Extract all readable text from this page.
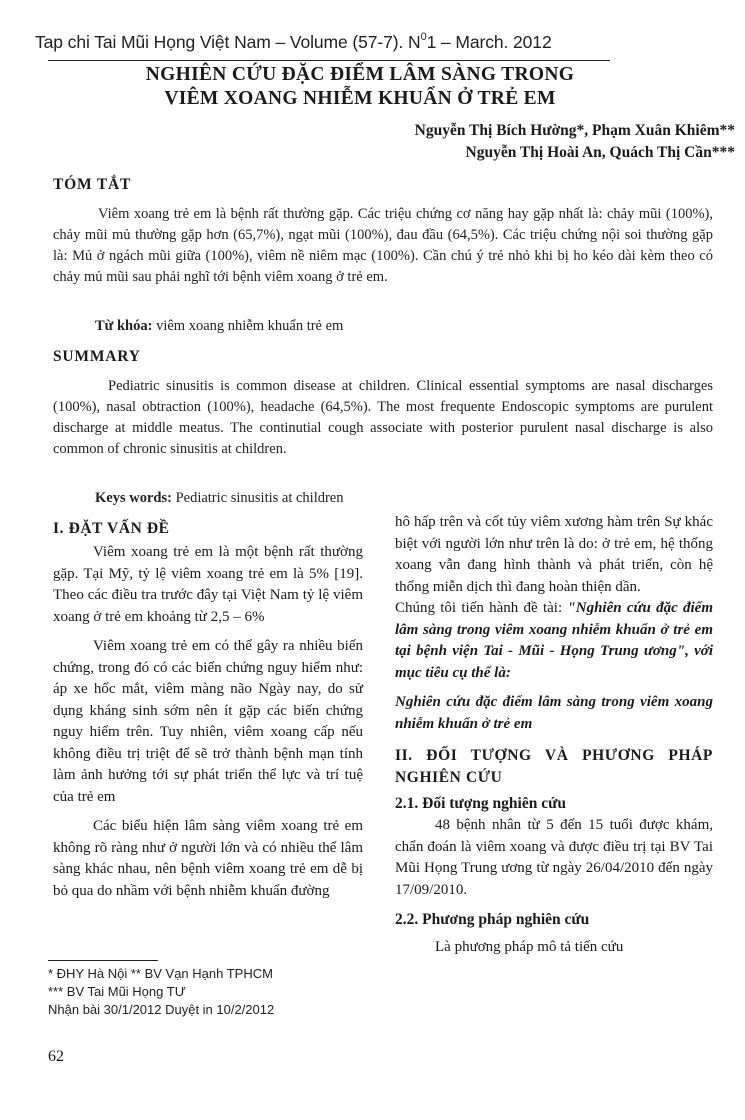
Tap chi Tai Mũi Họng Việt Nam – Volume (57-7). $N^01$ – March. 2012
NGHIÊN CỨU ĐẶC ĐIỂM LÂM SÀNG TRONG
VIÊM XOANG NHIỄM KHUẨN Ở TRẺ EM
Nguyễn Thị Bích Hường*, Phạm Xuân Khiêm**
Nguyễn Thị Hoài An, Quách Thị Cần***
TÓM TẮT
Viêm xoang trẻ em là bệnh rất thường gặp. Các triệu chứng cơ năng hay gặp nhất là: chảy mũi (100%), chảy mũi mủ thường gặp hơn (65,7%), ngạt mũi (100%), đau đầu (64,5%). Các triệu chứng nội soi thường gặp là: Mủ ở ngách mũi giữa (100%), viêm nề niêm mạc (100%). Cần chú ý trẻ nhỏ khi bị ho kéo dài kèm theo có chảy mủ mũi sau phải nghĩ tới bệnh viêm xoang ở trẻ em.
Từ khóa: viêm xoang nhiễm khuẩn trẻ em
SUMMARY
Pediatric sinusitis is common disease at children. Clinical essential symptoms are nasal discharges (100%), nasal obtraction (100%), headache (64,5%). The most frequente Endoscopic symptoms are purulent discharge at middle meatus. The continutial cough associate with posterior purulent nasal discharge is also common of chronic sinusitis at children.
Keys words: Pediatric sinusitis at children
I. ĐẶT VẤN ĐỀ

Viêm xoang trẻ em là một bệnh rất thường gặp. Tại Mỹ, tỷ lệ viêm xoang trẻ em là 5% [19]. Theo các điều tra trước đây tại Việt Nam tỷ lệ viêm xoang ở trẻ em khoảng từ 2,5 – 6%

Viêm xoang trẻ em có thể gây ra nhiều biến chứng, trong đó có các biến chứng nguy hiểm như: áp xe hốc mắt, viêm màng não Ngày nay, do sử dụng kháng sinh sớm nên ít gặp các biến chứng nguy hiểm trên. Tuy nhiên, viêm xoang cấp nếu không điều trị triệt để sẽ trở thành bệnh mạn tính làm ảnh hưởng tới sự phát triển thể lực và trí tuệ của trẻ em

Các biểu hiện lâm sàng viêm xoang trẻ em không rõ ràng như ở người lớn và có nhiều thể lâm sàng khác nhau, nên bệnh viêm xoang trẻ em dễ bị bỏ qua do nhầm với bệnh nhiễm khuẩn đường

hô hấp trên và cốt tủy viêm xương hàm trên Sự khác biệt với người lớn như trên là do: ở trẻ em, hệ thống xoang vẫn đang hình thành và phát triển, còn hệ thống miễn dịch thì đang hoàn thiện dần.

Chúng tôi tiến hành đề tài: "Nghiên cứu đặc điểm lâm sàng trong viêm xoang nhiễm khuẩn ở trẻ em tại bệnh viện Tai - Mũi - Họng Trung ương", với mục tiêu cụ thể là:

Nghiên cứu đặc điểm lâm sàng trong viêm xoang nhiễm khuẩn ở trẻ em

II. ĐỐI TƯỢNG VÀ PHƯƠNG PHÁP NGHIÊN CỨU
2.1. Đối tượng nghiên cứu

48 bệnh nhân từ 5 đến 15 tuổi được khám, chẩn đoán là viêm xoang và được điều trị tại BV Tai Mũi Họng Trung ương từ ngày 26/04/2010 đến ngày 17/09/2010.

2.2. Phương pháp nghiên cứu

Là phương pháp mô tả tiến cứu

* ĐHY Hà Nội ** BV Vạn Hạnh TPHCM
*** BV Tai Mũi Họng TƯ
Nhận bài 30/1/2012 Duyệt in 10/2/2012
62
